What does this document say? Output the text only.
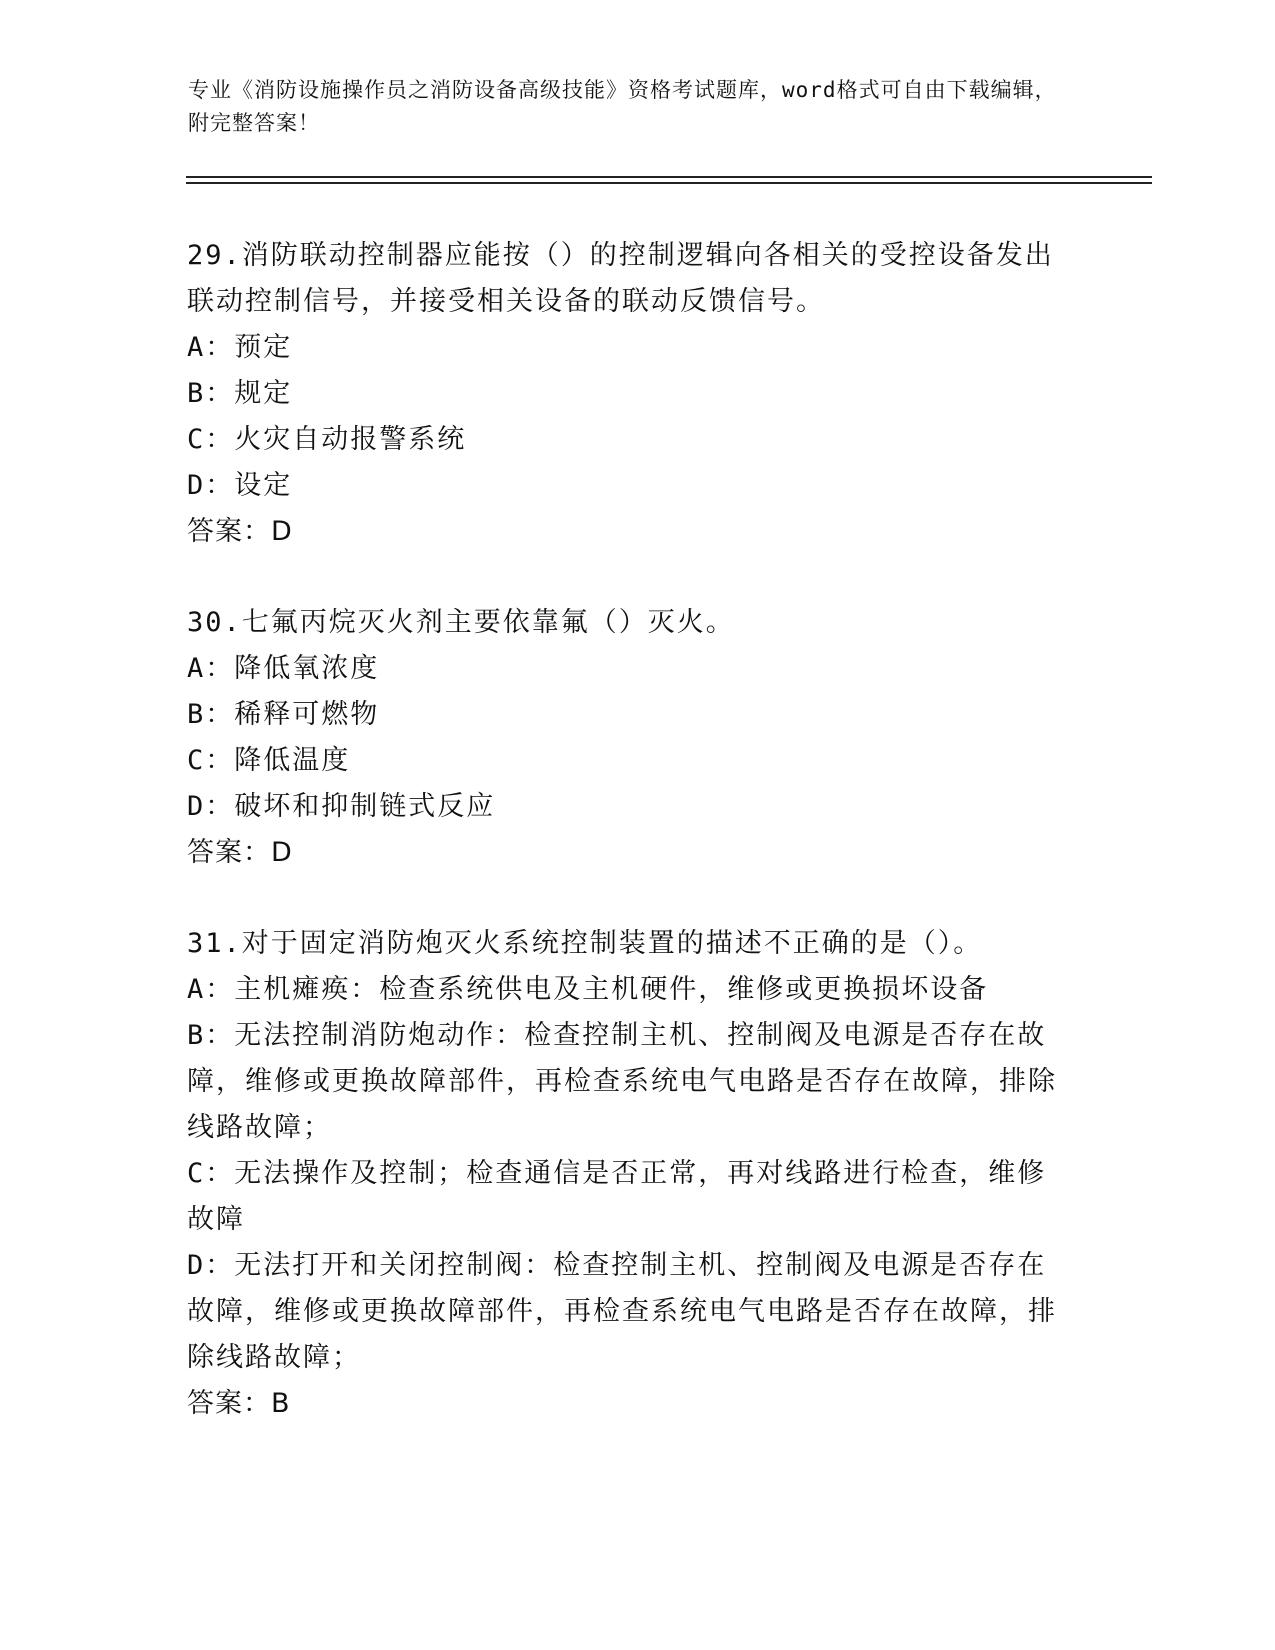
专业《消防设施操作员之消防设备高级技能》资格考试题库，word格式可自由下载编辑，附完整答案！

29.消防联动控制器应能按（）的控制逻辑向各相关的受控设备发出联动控制信号，并接受相关设备的联动反馈信号。

A：预定

B：规定

C：火灾自动报警系统

D：设定

答案：D

30.七氟丙烷灭火剂主要依靠氟（）灭火。

A：降低氧浓度

B：稀释可燃物

C：降低温度

D：破坏和抑制链式反应

答案：D

31.对于固定消防炮灭火系统控制装置的描述不正确的是（）。

A：主机瘫痪：检查系统供电及主机硬件，维修或更换损坏设备

B：无法控制消防炮动作：检查控制主机、控制阀及电源是否存在故障，维修或更换故障部件，再检查系统电气电路是否存在故障，排除线路故障；

C：无法操作及控制；检查通信是否正常，再对线路进行检查，维修故障

D：无法打开和关闭控制阀：检查控制主机、控制阀及电源是否存在故障，维修或更换故障部件，再检查系统电气电路是否存在故障，排除线路故障；

答案：B
